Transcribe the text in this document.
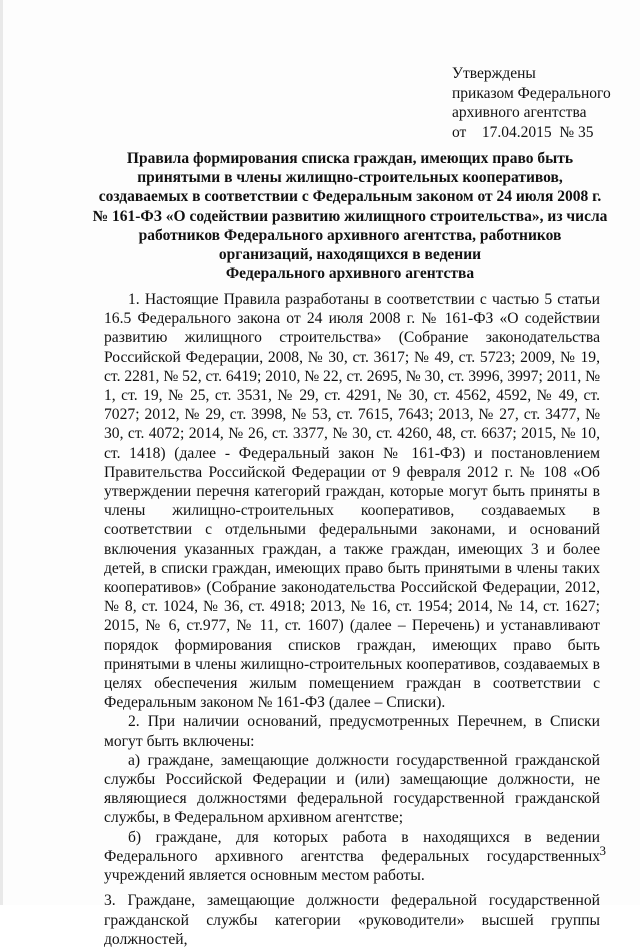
Утверждены
приказом Федерального
архивного агентства
от    17.04.2015  № 35
Правила формирования списка граждан, имеющих право быть
принятыми в члены жилищно-строительных кооперативов,
создаваемых в соответствии с Федеральным законом от 24 июля 2008 г.
№ 161-ФЗ «О содействии развитию жилищного строительства», из числа
работников Федерального архивного агентства, работников
организаций, находящихся в ведении
Федерального архивного агентства

1. Настоящие Правила разработаны в соответствии с частью 5 статьи 16.5 Федерального закона от 24 июля 2008 г. № 161-ФЗ «О содействии развитию жилищного строительства» (Собрание законодательства Российской Федерации, 2008, № 30, ст. 3617; № 49, ст. 5723; 2009, № 19, ст. 2281, № 52, ст. 6419; 2010, № 22, ст. 2695, № 30, ст. 3996, 3997; 2011, № 1, ст. 19, № 25, ст. 3531, № 29, ст. 4291, № 30, ст. 4562, 4592, № 49, ст. 7027; 2012, № 29, ст. 3998, № 53, ст. 7615, 7643; 2013, № 27, ст. 3477, № 30, ст. 4072; 2014, № 26, ст. 3377, № 30, ст. 4260, 48, ст. 6637; 2015, № 10, ст. 1418) (далее - Федеральный закон № 161-ФЗ) и постановлением Правительства Российской Федерации от 9 февраля 2012 г. № 108 «Об утверждении перечня категорий граждан, которые могут быть приняты в члены жилищно-строительных кооперативов, создаваемых в соответствии с отдельными федеральными законами, и оснований включения указанных граждан, а также граждан, имеющих 3 и более детей, в списки граждан, имеющих право быть принятыми в члены таких кооперативов» (Собрание законодательства Российской Федерации, 2012, № 8, ст. 1024, № 36, ст. 4918; 2013, № 16, ст. 1954; 2014, № 14, ст. 1627; 2015, № 6, ст.977, № 11, ст. 1607) (далее – Перечень) и устанавливают порядок формирования списков граждан, имеющих право быть принятыми в члены жилищно-строительных кооперативов, создаваемых в целях обеспечения жилым помещением граждан в соответствии с Федеральным законом № 161-ФЗ (далее – Списки).

2. При наличии оснований, предусмотренных Перечнем, в Списки могут быть включены:

а) граждане, замещающие должности государственной гражданской службы Российской Федерации и (или) замещающие должности, не являющиеся должностями федеральной государственной гражданской службы, в Федеральном архивном агентстве;

б) граждане, для которых работа в находящихся в ведении Федерального архивного агентства федеральных государственных учреждений является основным местом работы.

3. Граждане, замещающие должности федеральной государственной гражданской службы категории «руководители» высшей группы должностей,

3
